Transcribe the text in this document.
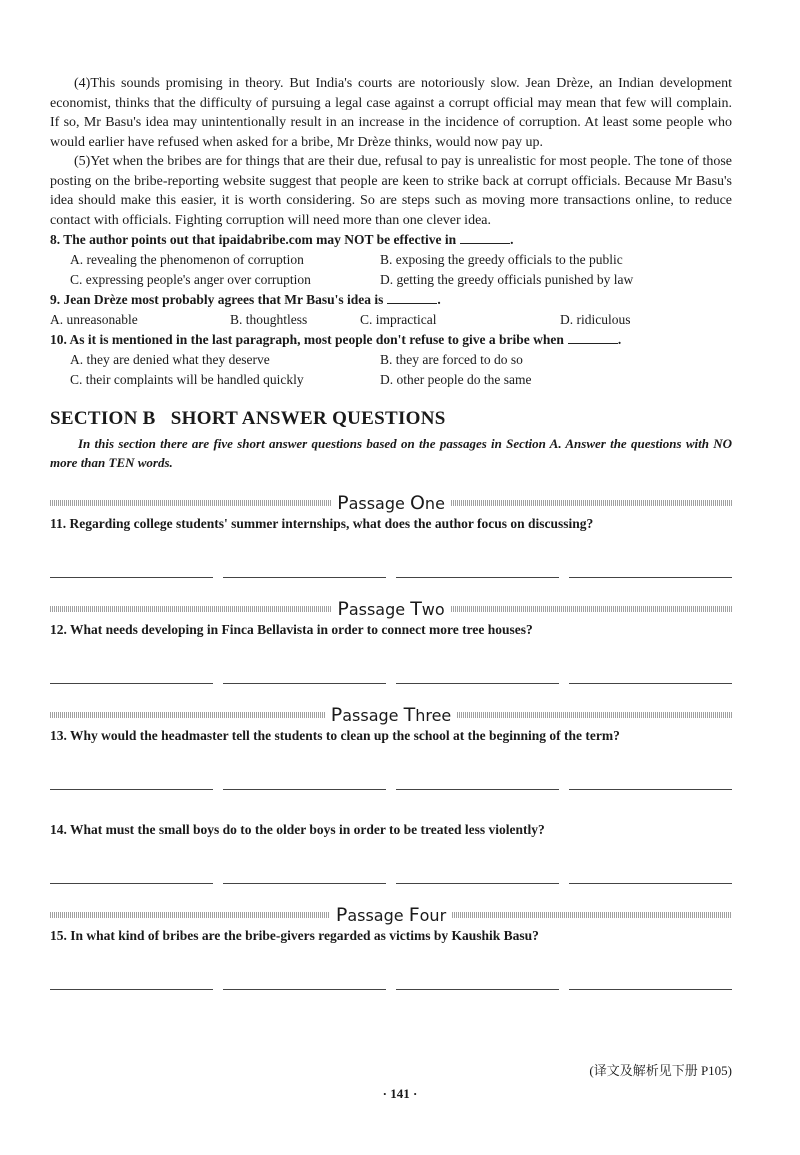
(4)This sounds promising in theory. But India's courts are notoriously slow. Jean Drèze, an Indian development economist, thinks that the difficulty of pursuing a legal case against a corrupt official may mean that few will complain. If so, Mr Basu's idea may unintentionally result in an increase in the incidence of corruption. At least some people who would earlier have refused when asked for a bribe, Mr Drèze thinks, would now pay up.

(5)Yet when the bribes are for things that are their due, refusal to pay is unrealistic for most people. The tone of those posting on the bribe-reporting website suggest that people are keen to strike back at corrupt officials. Because Mr Basu's idea should make this easier, it is worth considering. So are steps such as moving more transactions online, to reduce contact with officials. Fighting corruption will need more than one clever idea.

8. The author points out that ipaidabribe.com may NOT be effective in	.

A. revealing the phenomenon of corruption	B. exposing the greedy officials to the public
C. expressing people's anger over corruption	D. getting the greedy officials punished by law

9. Jean Drèze most probably agrees that Mr Basu's idea is	.

A. unreasonable	B. thoughtless	C. impractical	D. ridiculous

10. As it is mentioned in the last paragraph, most people don't refuse to give a bribe when	.

A. they are denied what they deserve	B. they are forced to do so
C. their complaints will be handled quickly	D. other people do the same
SECTION B   SHORT ANSWER QUESTIONS

In this section there are five short answer questions based on the passages in Section A. Answer the questions with NO more than TEN words.

Passage One

11. Regarding college students' summer internships, what does the author focus on discussing?

Passage Two

12. What needs developing in Finca Bellavista in order to connect more tree houses?

Passage Three

13. Why would the headmaster tell the students to clean up the school at the beginning of the term?

14. What must the small boys do to the older boys in order to be treated less violently?

Passage Four

15. In what kind of bribes are the bribe-givers regarded as victims by Kaushik Basu?

(译文及解析见下册 P105)
· 141 ·
